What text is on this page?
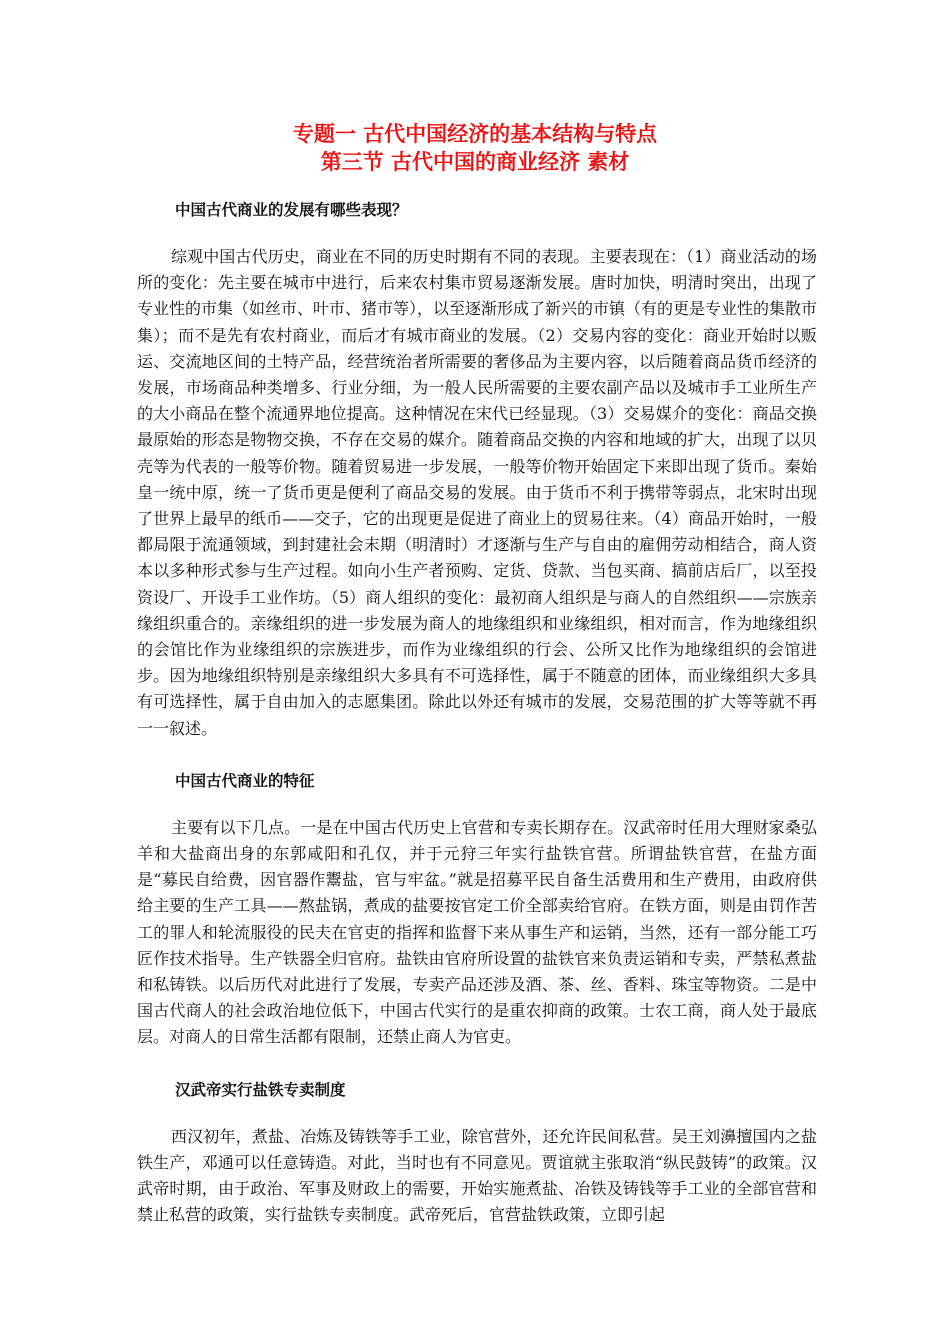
专题一 古代中国经济的基本结构与特点
第三节 古代中国的商业经济 素材
中国古代商业的发展有哪些表现？

综观中国古代历史，商业在不同的历史时期有不同的表现。主要表现在：（1）商业活动的场所的变化：先主要在城市中进行，后来农村集市贸易逐渐发展。唐时加快，明清时突出，出现了专业性的市集（如丝市、叶市、猪市等），以至逐渐形成了新兴的市镇（有的更是专业性的集散市集）；而不是先有农村商业，而后才有城市商业的发展。（2）交易内容的变化：商业开始时以贩运、交流地区间的土特产品，经营统治者所需要的奢侈品为主要内容，以后随着商品货币经济的发展，市场商品种类增多、行业分细，为一般人民所需要的主要农副产品以及城市手工业所生产的大小商品在整个流通界地位提高。这种情况在宋代已经显现。（3）交易媒介的变化：商品交换最原始的形态是物物交换，不存在交易的媒介。随着商品交换的内容和地域的扩大，出现了以贝壳等为代表的一般等价物。随着贸易进一步发展，一般等价物开始固定下来即出现了货币。秦始皇一统中原，统一了货币更是便利了商品交易的发展。由于货币不利于携带等弱点，北宋时出现了世界上最早的纸币——交子，它的出现更是促进了商业上的贸易往来。（4）商品开始时，一般都局限于流通领域，到封建社会末期（明清时）才逐渐与生产与自由的雇佣劳动相结合，商人资本以多种形式参与生产过程。如向小生产者预购、定货、贷款、当包买商、搞前店后厂，以至投资设厂、开设手工业作坊。（5）商人组织的变化：最初商人组织是与商人的自然组织——宗族亲缘组织重合的。亲缘组织的进一步发展为商人的地缘组织和业缘组织，相对而言，作为地缘组织的会馆比作为业缘组织的宗族进步，而作为业缘组织的行会、公所又比作为地缘组织的会馆进步。因为地缘组织特别是亲缘组织大多具有不可选择性，属于不随意的团体，而业缘组织大多具有可选择性，属于自由加入的志愿集团。除此以外还有城市的发展，交易范围的扩大等等就不再一一叙述。

中国古代商业的特征

主要有以下几点。一是在中国古代历史上官营和专卖长期存在。汉武帝时任用大理财家桑弘羊和大盐商出身的东郭咸阳和孔仅，并于元狩三年实行盐铁官营。所谓盐铁官营，在盐方面是“募民自给费，因官器作鬻盐，官与牢盆。”就是招募平民自备生活费用和生产费用，由政府供给主要的生产工具——熬盐锅，煮成的盐要按官定工价全部卖给官府。在铁方面，则是由罚作苦工的罪人和轮流服役的民夫在官吏的指挥和监督下来从事生产和运销，当然，还有一部分能工巧匠作技术指导。生产铁器全归官府。盐铁由官府所设置的盐铁官来负责运销和专卖，严禁私煮盐和私铸铁。以后历代对此进行了发展，专卖产品还涉及酒、茶、丝、香料、珠宝等物资。二是中国古代商人的社会政治地位低下，中国古代实行的是重农抑商的政策。士农工商，商人处于最底层。对商人的日常生活都有限制，还禁止商人为官吏。

汉武帝实行盐铁专卖制度

西汉初年，煮盐、冶炼及铸铁等手工业，除官营外，还允许民间私营。吴王刘濞擅国内之盐铁生产，邓通可以任意铸造。对此，当时也有不同意见。贾谊就主张取消“纵民鼓铸”的政策。汉武帝时期，由于政治、军事及财政上的需要，开始实施煮盐、冶铁及铸钱等手工业的全部官营和禁止私营的政策，实行盐铁专卖制度。武帝死后，官营盐铁政策，立即引起
